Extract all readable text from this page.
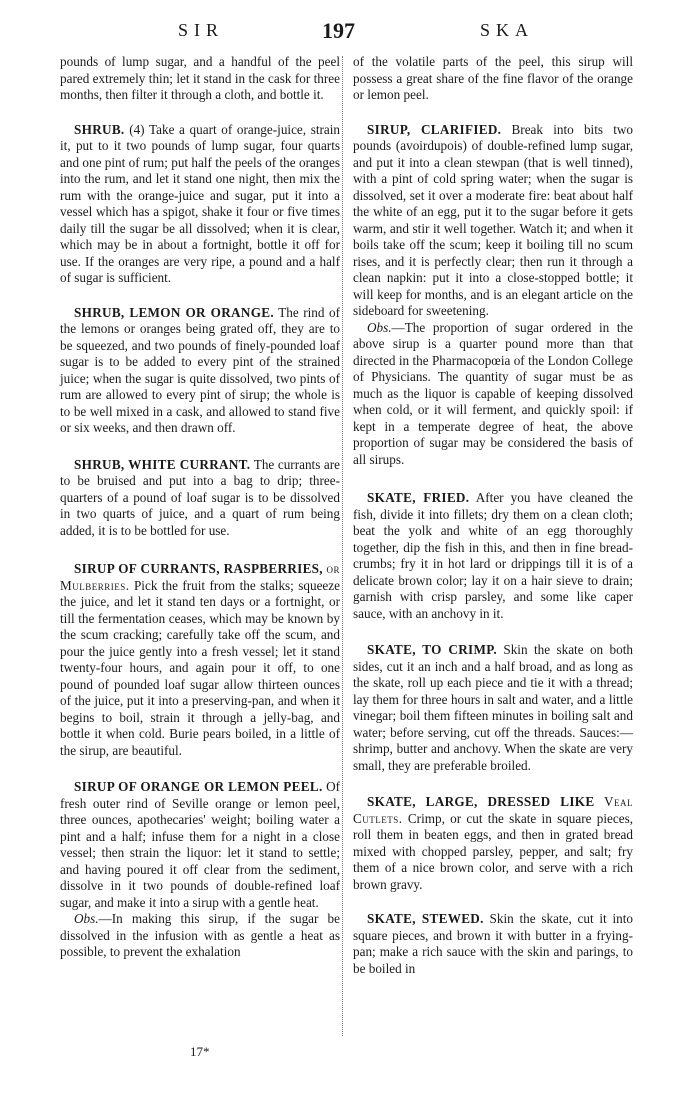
SIR	197	SKA

pounds of lump sugar, and a handful of the peel pared extremely thin; let it stand in the cask for three months, then filter it through a cloth, and bottle it.

SHRUB. (4) Take a quart of orange-juice, strain it, put to it two pounds of lump sugar, four quarts and one pint of rum; put half the peels of the oranges into the rum, and let it stand one night, then mix the rum with the orange-juice and sugar, put it into a vessel which has a spigot, shake it four or five times daily till the sugar be all dissolved; when it is clear, which may be in about a fortnight, bottle it off for use. If the oranges are very ripe, a pound and a half of sugar is sufficient.

SHRUB, LEMON OR ORANGE. The rind of the lemons or oranges being grated off, they are to be squeezed, and two pounds of finely-pounded loaf sugar is to be added to every pint of the strained juice; when the sugar is quite dissolved, two pints of rum are allowed to every pint of sirup; the whole is to be well mixed in a cask, and allowed to stand five or six weeks, and then drawn off.

SHRUB, WHITE CURRANT. The currants are to be bruised and put into a bag to drip; three-quarters of a pound of loaf sugar is to be dissolved in two quarts of juice, and a quart of rum being added, it is to be bottled for use.

SIRUP OF CURRANTS, RASPBERRIES, or Mulberries. Pick the fruit from the stalks; squeeze the juice, and let it stand ten days or a fortnight, or till the fermentation ceases, which may be known by the scum cracking; carefully take off the scum, and pour the juice gently into a fresh vessel; let it stand twenty-four hours, and again pour it off, to one pound of pounded loaf sugar allow thirteen ounces of the juice, put it into a preserving-pan, and when it begins to boil, strain it through a jelly-bag, and bottle it when cold. Burie pears boiled, in a little of the sirup, are beautiful.

SIRUP OF ORANGE OR LEMON PEEL. Of fresh outer rind of Seville orange or lemon peel, three ounces, apothecaries' weight; boiling water a pint and a half; infuse them for a night in a close vessel; then strain the liquor: let it stand to settle; and having poured it off clear from the sediment, dissolve in it two pounds of double-refined loaf sugar, and make it into a sirup with a gentle heat.

Obs.—In making this sirup, if the sugar be dissolved in the infusion with as gentle a heat as possible, to prevent the exhalation

17*

of the volatile parts of the peel, this sirup will possess a great share of the fine flavor of the orange or lemon peel.

SIRUP, CLARIFIED. Break into bits two pounds (avoirdupois) of double-refined lump sugar, and put it into a clean stewpan (that is well tinned), with a pint of cold spring water; when the sugar is dissolved, set it over a moderate fire: beat about half the white of an egg, put it to the sugar before it gets warm, and stir it well together. Watch it; and when it boils take off the scum; keep it boiling till no scum rises, and it is perfectly clear; then run it through a clean napkin: put it into a close-stopped bottle; it will keep for months, and is an elegant article on the sideboard for sweetening.

Obs.—The proportion of sugar ordered in the above sirup is a quarter pound more than that directed in the Pharmacopœia of the London College of Physicians. The quantity of sugar must be as much as the liquor is capable of keeping dissolved when cold, or it will ferment, and quickly spoil: if kept in a temperate degree of heat, the above proportion of sugar may be considered the basis of all sirups.

SKATE, FRIED. After you have cleaned the fish, divide it into fillets; dry them on a clean cloth; beat the yolk and white of an egg thoroughly together, dip the fish in this, and then in fine bread-crumbs; fry it in hot lard or drippings till it is of a delicate brown color; lay it on a hair sieve to drain; garnish with crisp parsley, and some like caper sauce, with an anchovy in it.

SKATE, TO CRIMP. Skin the skate on both sides, cut it an inch and a half broad, and as long as the skate, roll up each piece and tie it with a thread; lay them for three hours in salt and water, and a little vinegar; boil them fifteen minutes in boiling salt and water; before serving, cut off the threads. Sauces:—shrimp, butter and anchovy. When the skate are very small, they are preferable broiled.

SKATE, LARGE, DRESSED LIKE Veal Cutlets. Crimp, or cut the skate in square pieces, roll them in beaten eggs, and then in grated bread mixed with chopped parsley, pepper, and salt; fry them of a nice brown color, and serve with a rich brown gravy.

SKATE, STEWED. Skin the skate, cut it into square pieces, and brown it with butter in a frying-pan; make a rich sauce with the skin and parings, to be boiled in
